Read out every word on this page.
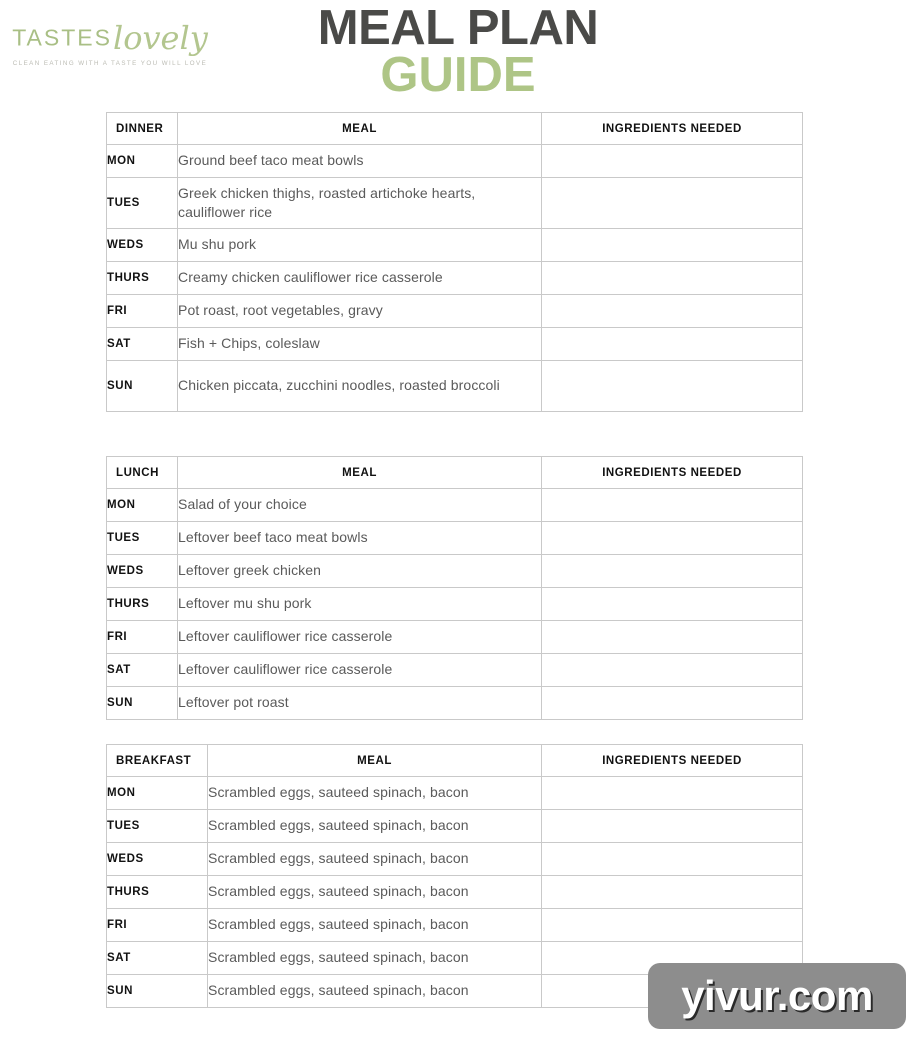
TASTESlovely
CLEAN EATING WITH A TASTE YOU WILL LOVE
MEAL PLAN
GUIDE
DINNER	MEAL	INGREDIENTS NEEDED
MON	Ground beef taco meat bowls	
TUES	Greek chicken thighs, roasted artichoke hearts, cauliflower rice	
WEDS	Mu shu pork	
THURS	Creamy chicken cauliflower rice casserole	
FRI	Pot roast, root vegetables, gravy	
SAT	Fish + Chips, coleslaw	
SUN	Chicken piccata, zucchini noodles, roasted broccoli	
LUNCH	MEAL	INGREDIENTS NEEDED
MON	Salad of your choice	
TUES	Leftover beef taco meat bowls	
WEDS	Leftover greek chicken	
THURS	Leftover mu shu pork	
FRI	Leftover cauliflower rice casserole	
SAT	Leftover cauliflower rice casserole	
SUN	Leftover pot roast	
BREAKFAST	MEAL	INGREDIENTS NEEDED
MON	Scrambled eggs, sauteed spinach, bacon	
TUES	Scrambled eggs, sauteed spinach, bacon	
WEDS	Scrambled eggs, sauteed spinach, bacon	
THURS	Scrambled eggs, sauteed spinach, bacon	
FRI	Scrambled eggs, sauteed spinach, bacon	
SAT	Scrambled eggs, sauteed spinach, bacon	
SUN	Scrambled eggs, sauteed spinach, bacon		yivur.com
